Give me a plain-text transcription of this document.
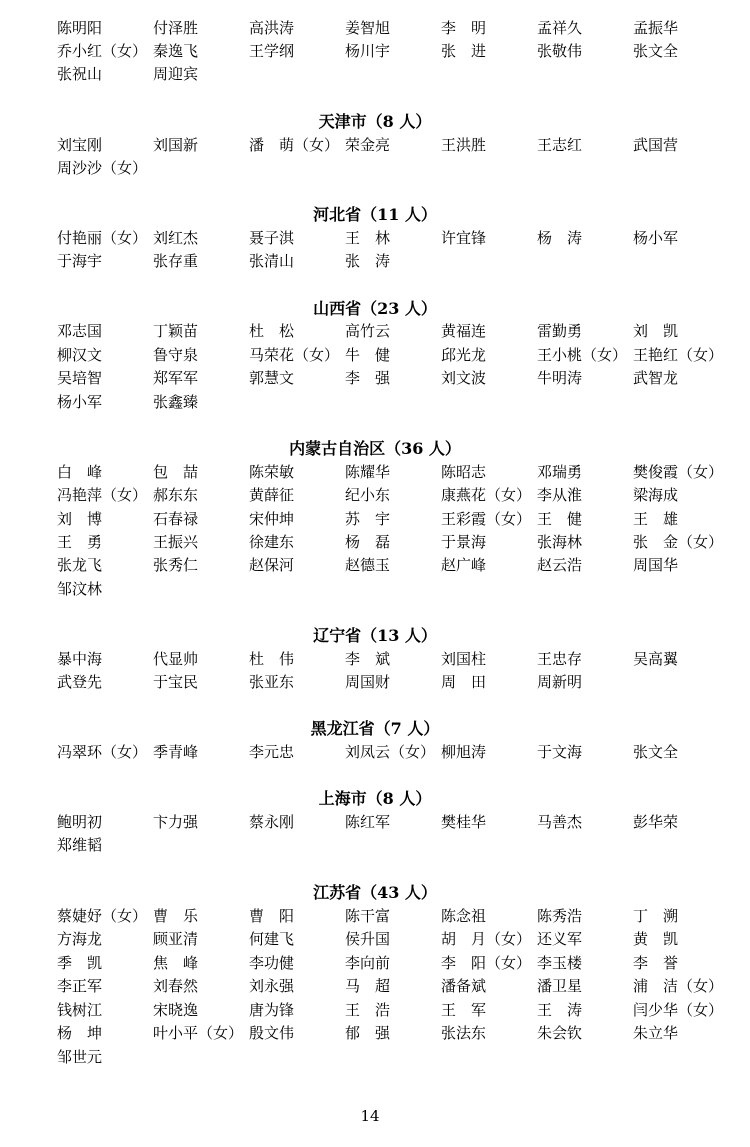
陈明阳	付泽胜	高洪涛	姜智旭	李　明	孟祥久	孟振华
乔小红（女） 秦逸飞	王学纲	杨川宇	张　进	张敬伟	张文全
张祝山	周迎宾
天津市（8 人）
刘宝刚	刘国新	潘　萌（女） 荣金亮	王洪胜	王志红	武国营
周沙沙（女）
河北省（11 人）
付艳丽（女） 刘红杰	聂子淇	王　林	许宜锋	杨　涛	杨小军
于海宇	张存重	张清山	张　涛
山西省（23 人）
邓志国	丁颖苗	杜　松	高竹云	黄福连	雷勤勇	刘　凯
柳汉文	鲁守泉	马荣花（女） 牛　健	邱光龙	王小桃（女） 王艳红（女）
吴培智	郑军军	郭慧文	李　强	刘文波	牛明涛	武智龙
杨小军	张鑫臻
内蒙古自治区（36 人）
白　峰	包　喆	陈荣敏	陈耀华	陈昭志	邓瑞勇	樊俊霞（女）
冯艳萍（女） 郝东东	黄薛征	纪小东	康燕花（女） 李从淮	梁海成
刘　博	石春禄	宋仲坤	苏　宇	王彩霞（女） 王　健	王　雄
王　勇	王振兴	徐建东	杨　磊	于景海	张海林	张　金（女）
张龙飞	张秀仁	赵保河	赵德玉	赵广峰	赵云浩	周国华
邹汶林
辽宁省（13 人）
暴中海	代显帅	杜　伟	李　斌	刘国柱	王忠存	吴高翼
武登先	于宝民	张亚东	周国财	周　田	周新明
黑龙江省（7 人）
冯翠环（女） 季青峰	李元忠	刘凤云（女） 柳旭涛	于文海	张文全
上海市（8 人）
鲍明初	卞力强	蔡永刚	陈红军	樊桂华	马善杰	彭华荣
郑维韬
江苏省（43 人）
蔡婕妤（女） 曹　乐	曹　阳	陈干富	陈念祖	陈秀浩	丁　溯
方海龙	顾亚清	何建飞	侯升国	胡　月（女） 还义军	黄　凯
季　凯	焦　峰	李功健	李向前	李　阳（女） 李玉楼	李　誉
李正军	刘春然	刘永强	马　超	潘备斌	潘卫星	浦　洁（女）
钱树江	宋晓逸	唐为锋	王　浩	王　军	王　涛	闫少华（女）
杨　坤	叶小平（女） 殷文伟	郁　强	张法东	朱会钦	朱立华
邹世元
14
